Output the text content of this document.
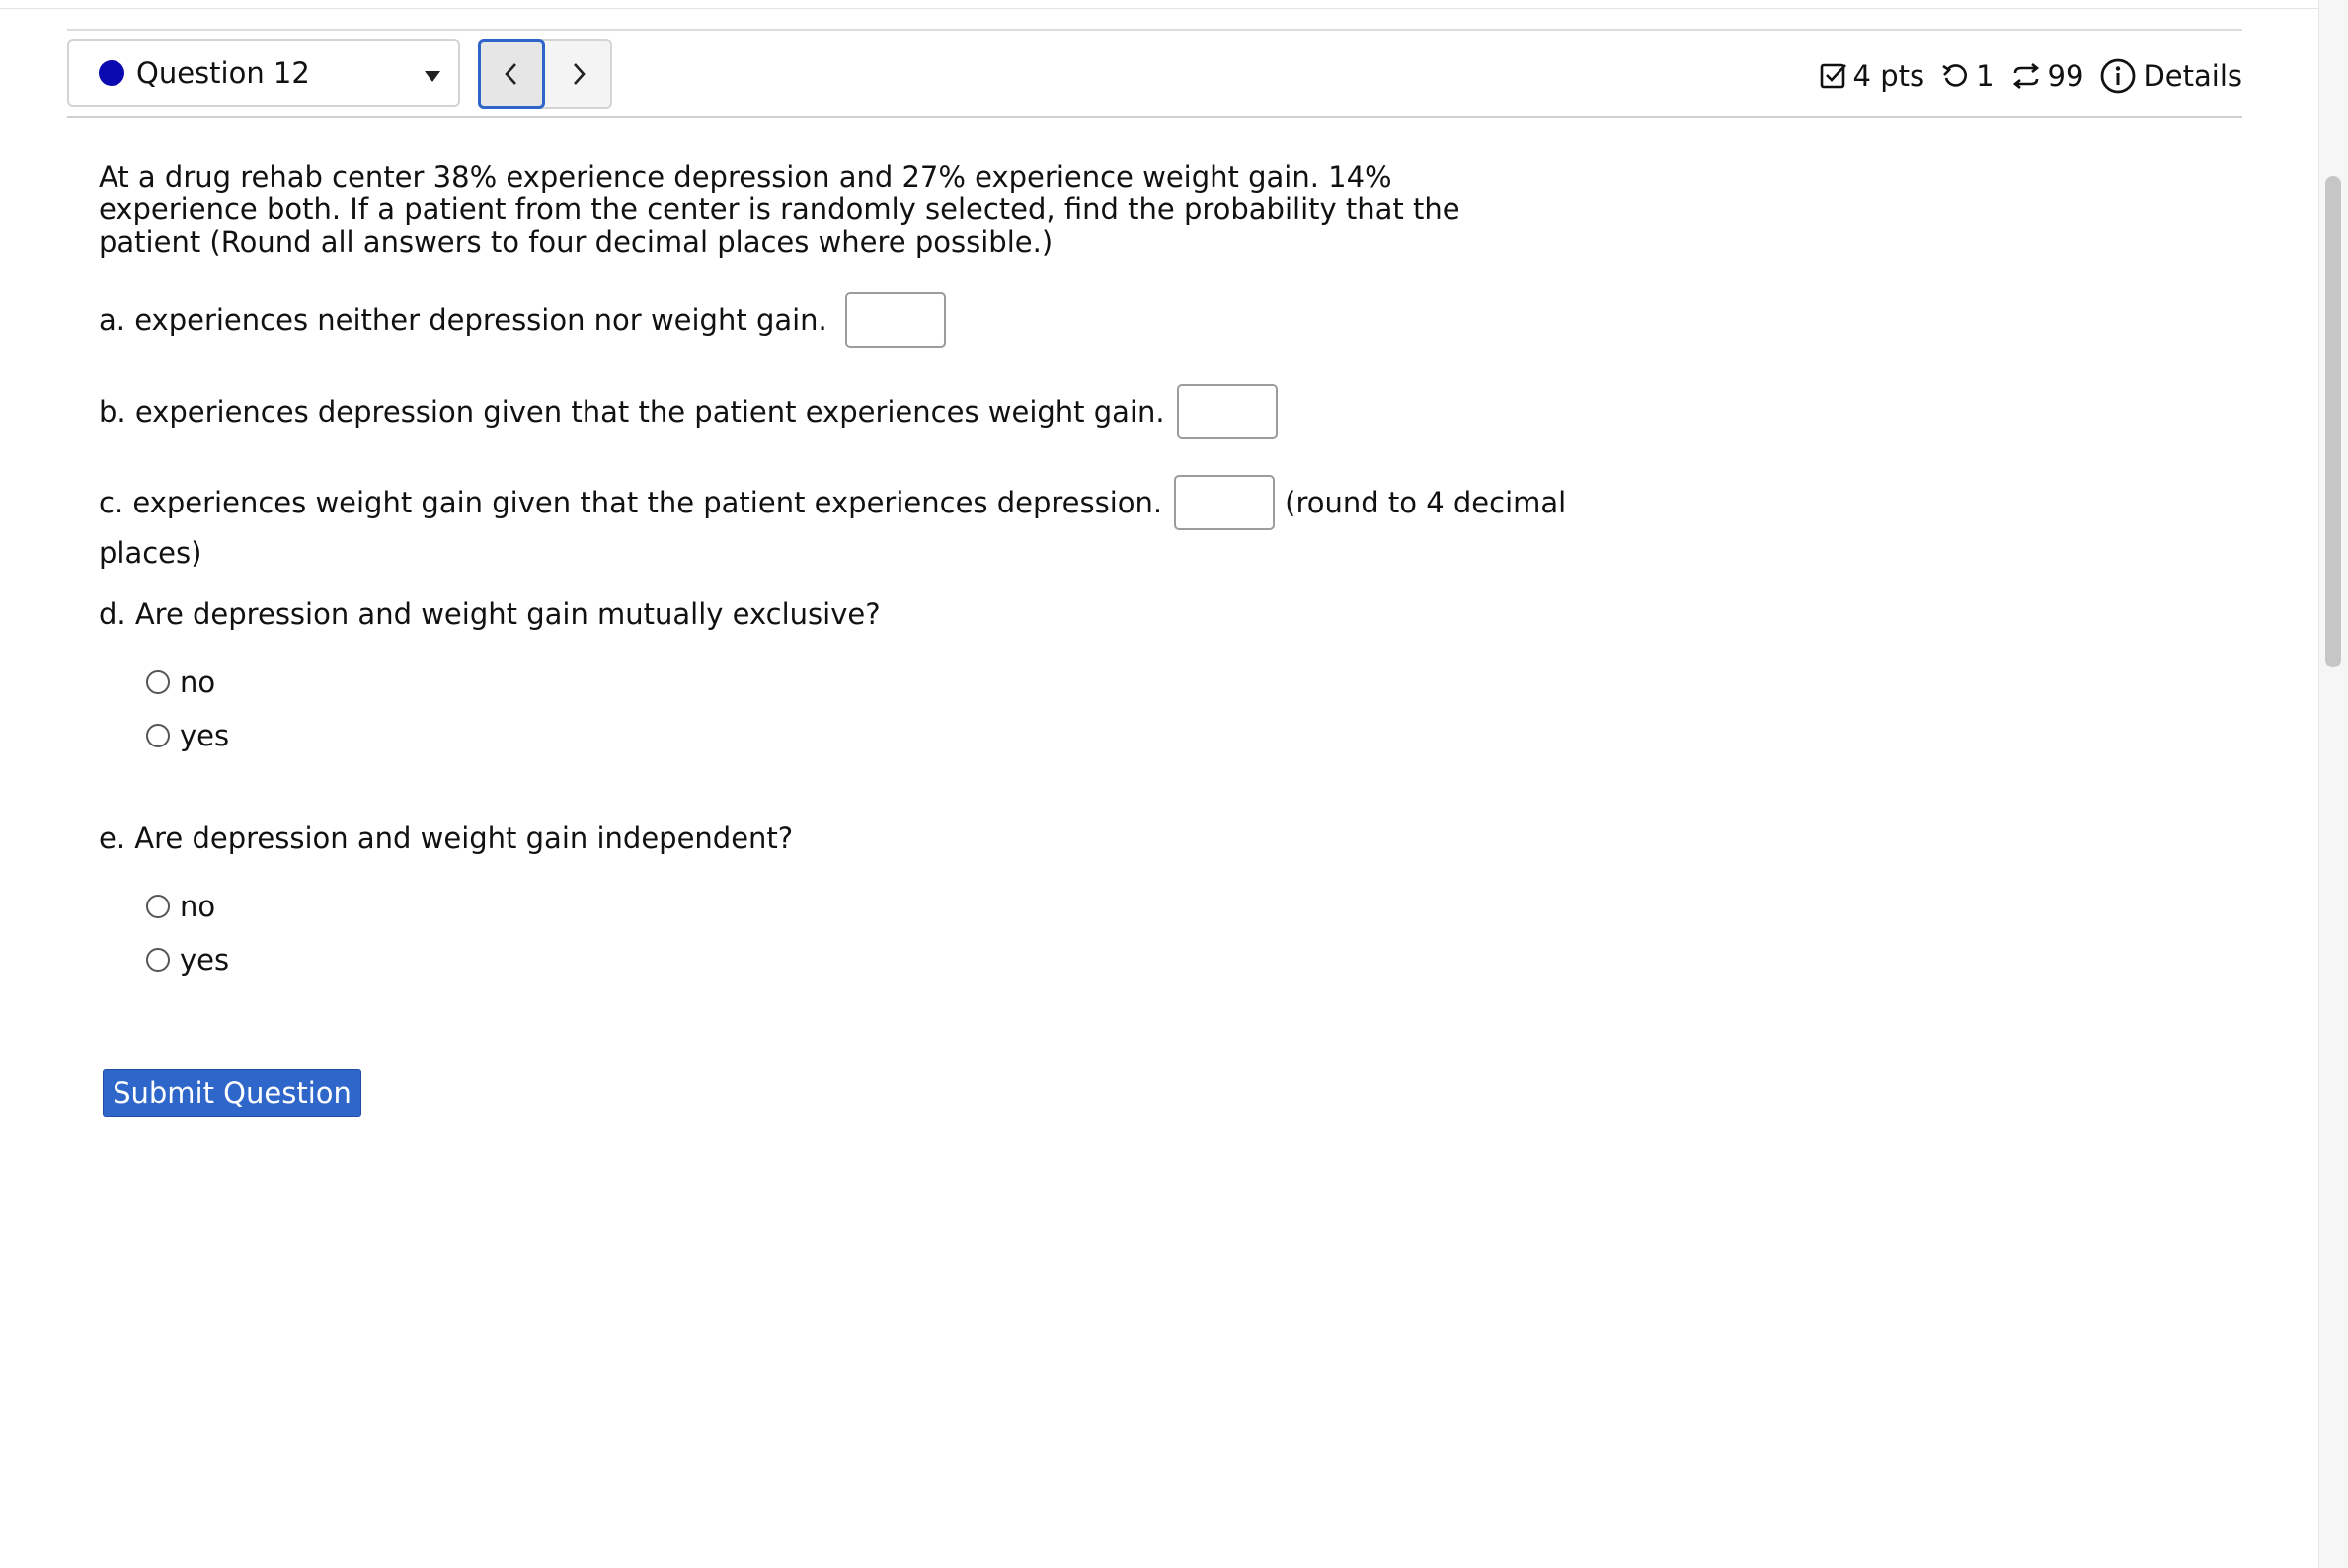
Question 12	4 pts 1 99 Details

At a drug rehab center 38% experience depression and 27% experience weight gain. 14% experience both. If a patient from the center is randomly selected, find the probability that the patient (Round all answers to four decimal places where possible.)

a. experiences neither depression nor weight gain.
b. experiences depression given that the patient experiences weight gain.
c. experiences weight gain given that the patient experiences depression.	(round to 4 decimal
places)
d. Are depression and weight gain mutually exclusive?
no
yes
e. Are depression and weight gain independent?
no
yes
Submit Question
